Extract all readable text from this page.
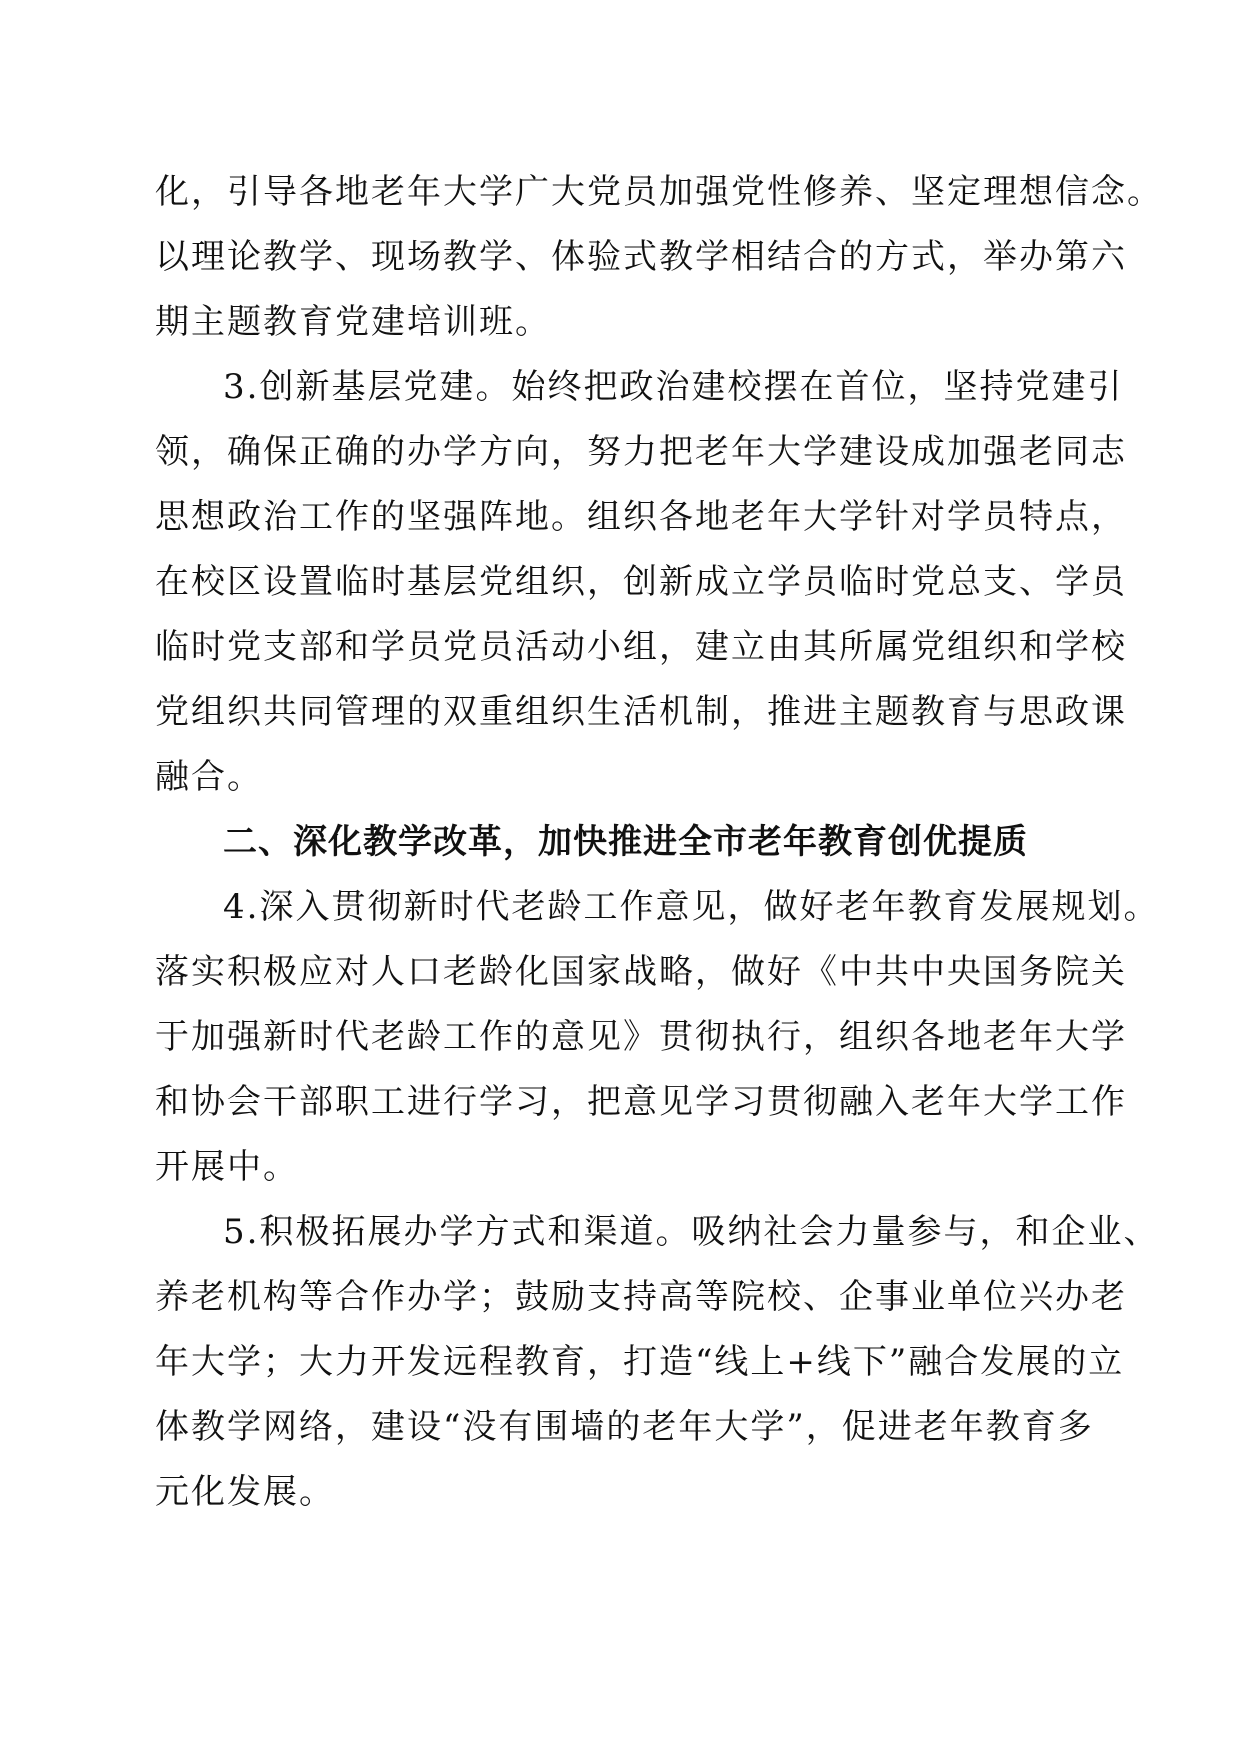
化，引导各地老年大学广大党员加强党性修养、坚定理想信念。
以理论教学、现场教学、体验式教学相结合的方式，举办第六
期主题教育党建培训班。
3.创新基层党建。始终把政治建校摆在首位，坚持党建引
领，确保正确的办学方向，努力把老年大学建设成加强老同志
思想政治工作的坚强阵地。组织各地老年大学针对学员特点，
在校区设置临时基层党组织，创新成立学员临时党总支、学员
临时党支部和学员党员活动小组，建立由其所属党组织和学校
党组织共同管理的双重组织生活机制，推进主题教育与思政课
融合。
二、深化教学改革，加快推进全市老年教育创优提质
4.深入贯彻新时代老龄工作意见，做好老年教育发展规划。
落实积极应对人口老龄化国家战略，做好《中共中央国务院关
于加强新时代老龄工作的意见》贯彻执行，组织各地老年大学
和协会干部职工进行学习，把意见学习贯彻融入老年大学工作
开展中。
5.积极拓展办学方式和渠道。吸纳社会力量参与，和企业、
养老机构等合作办学；鼓励支持高等院校、企事业单位兴办老
年大学；大力开发远程教育，打造“线上+线下”融合发展的立
体教学网络，建设“没有围墙的老年大学”，促进老年教育多
元化发展。
